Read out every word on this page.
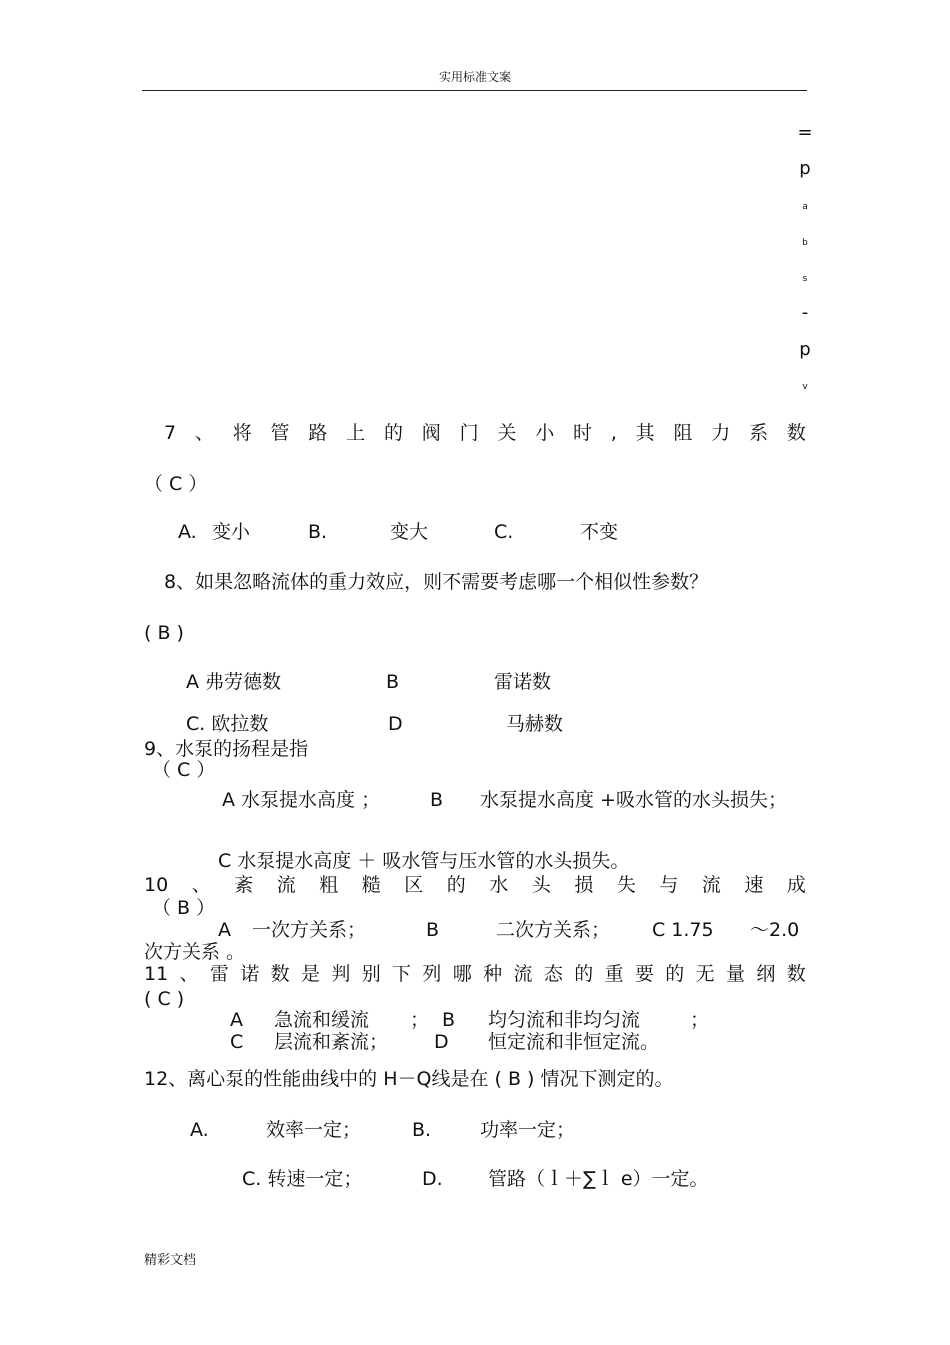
实用标准文案
=
p
a
b
s
-
p
v
7 、 将 管 路 上 的 阀 门 关 小 时 , 其 阻 力 系 数
（ C ）
A. 变小	B.	变大	C.	不变
8、如果忽略流体的重力效应，则不需要考虑哪一个相似性参数？
( B )
A 弗劳德数	B	雷诺数
C. 欧拉数	D	马赫数
9、水泵的扬程是指
（ C ）
A 水泵提水高度 ；	B 水泵提水高度 +吸水管的水头损失；
C 水泵提水高度 ＋ 吸水管与压水管的水头损失。
10 、 紊 流 粗 糙 区 的 水 头 损 失 与 流 速 成
（ B ）
A 一次方关系；	B	二次方关系； C 1.75 ～2.0
次方关系 。
11 、 雷 诺 数 是 判 别 下 列 哪 种 流 态 的 重 要 的 无 量 纲 数
( C )
A 急流和缓流 ； B 均匀流和非均匀流	；
C 层流和紊流； D 恒定流和非恒定流。
12、离心泵的性能曲线中的 H－Q线是在 ( B ) 情况下测定的。
A.	效率一定；	B.	功率一定；
C. 转速一定；	D. 管路（ｌ＋∑ｌ e）一定。
精彩文档
